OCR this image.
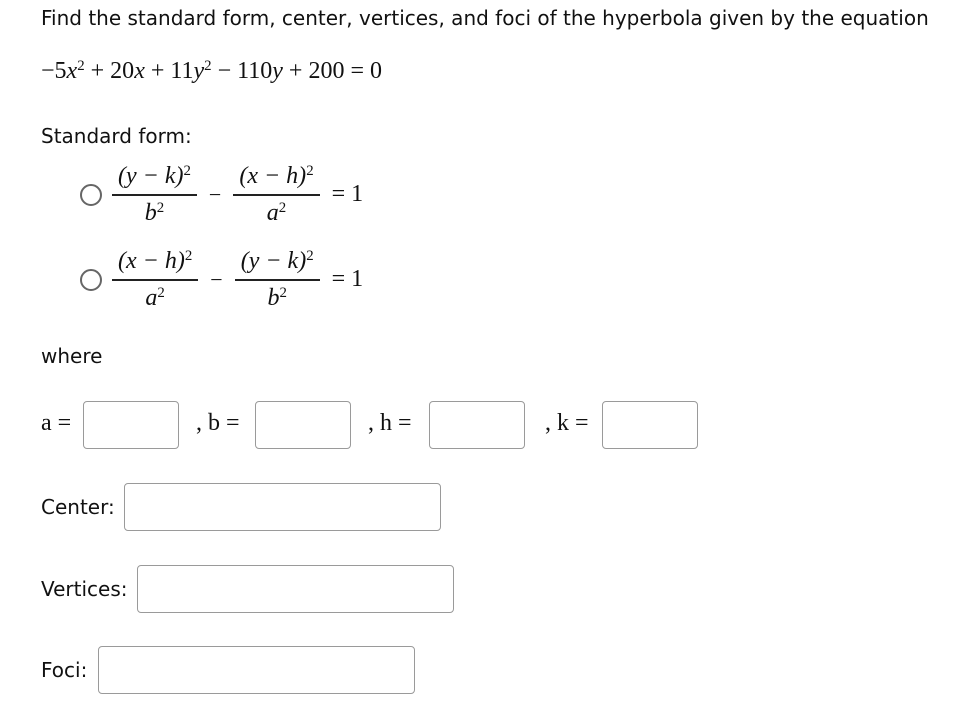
Find the standard form, center, vertices, and foci of the hyperbola given by the equation
$-5x^2 + 20x + 11y^2 - 110y + 200 = 0$
Standard form:
$\frac{(y - k)^2}{b^2} - \frac{(x - h)^2}{a^2} = 1$
$\frac{(x - h)^2}{a^2} - \frac{(y - k)^2}{b^2} = 1$
where
a =	, b =	, h =	, k =
Center:
Vertices:
Foci:
